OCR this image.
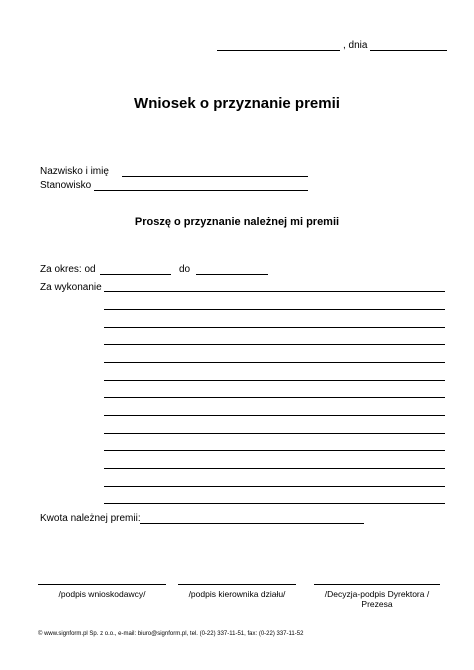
, dnia
Wniosek o przyznanie premii
Nazwisko i imię
Stanowisko
Proszę o przyznanie należnej mi premii
Za okres: od	do
Za wykonanie
Kwota należnej premii:
/podpis wnioskodawcy/	/podpis kierownika działu/	/Decyzja-podpis Dyrektora /
Prezesa
© www.signform.pl Sp. z o.o., e-mail: biuro@signform.pl, tel. (0-22) 337-11-51, fax: (0-22) 337-11-52
